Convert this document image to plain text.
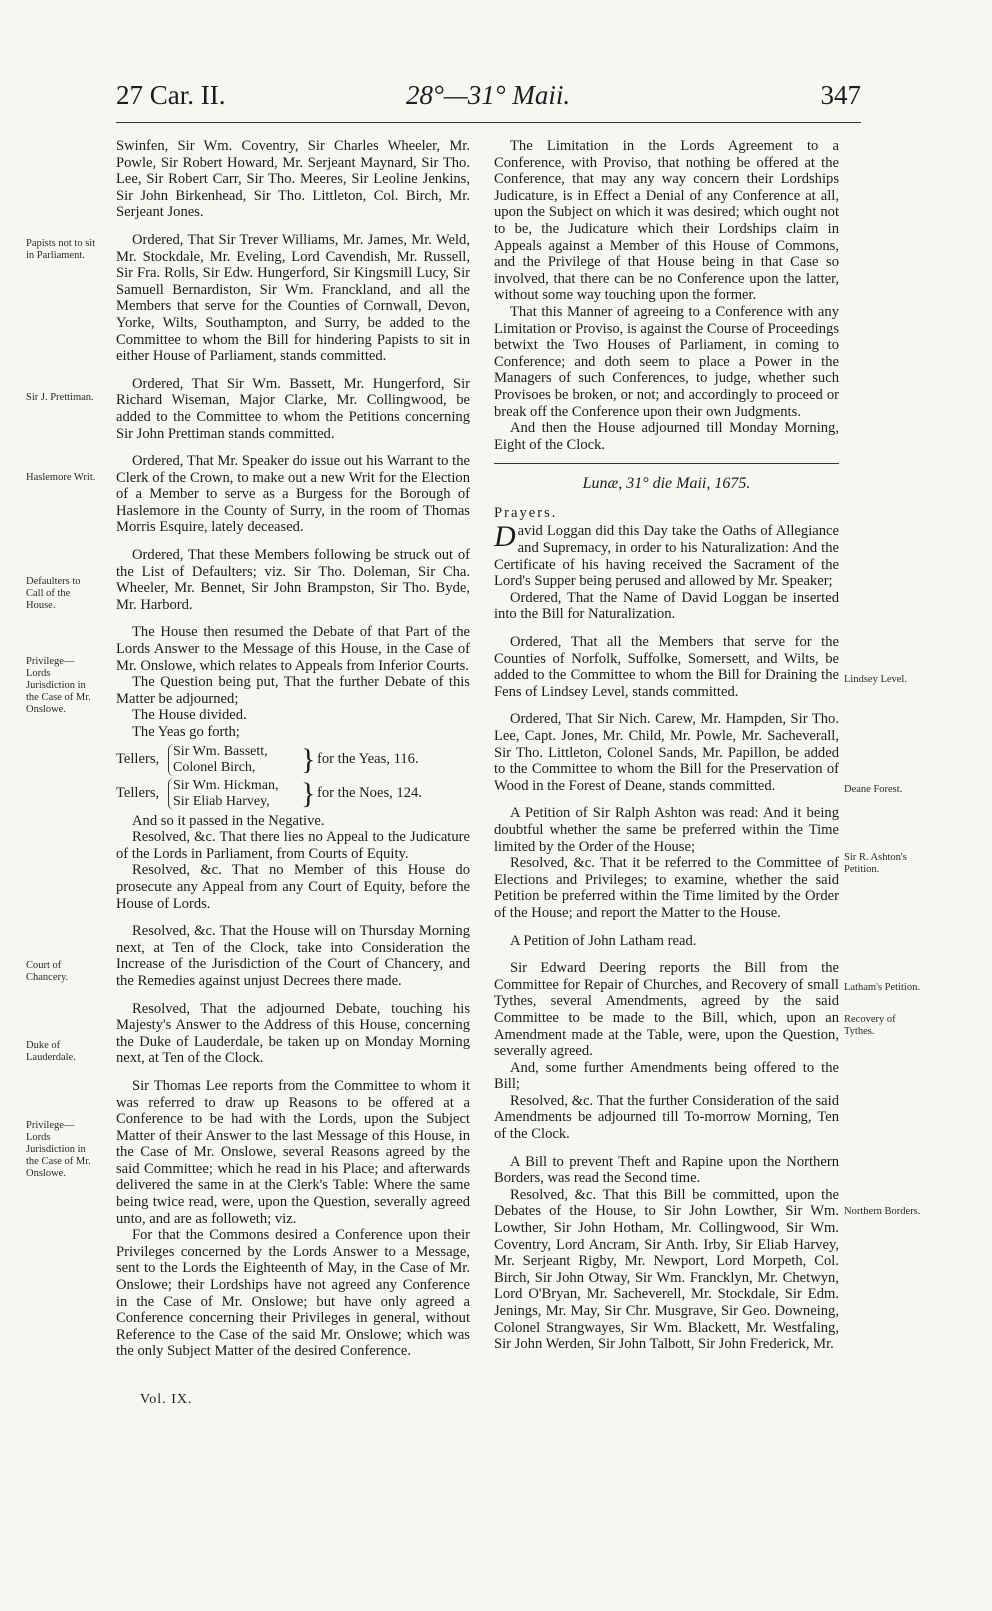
27 Car. II.	28°—31° Maii.	347
Papists not to sit in Parliament.
Sir J. Prettiman.
Haslemore Writ.
Defaulters to Call of the House.
Privilege— Lords Jurisdiction in the Case of Mr. Onslowe.
Court of Chancery.
Duke of Lauderdale.
Privilege— Lords Jurisdiction in the Case of Mr. Onslowe.
Lindsey Level.
Deane Forest.
Sir R. Ashton's Petition.
Latham's Petition.
Recovery of Tythes.
Northern Borders.

Swinfen, Sir Wm. Coventry, Sir Charles Wheeler, Mr. Powle, Sir Robert Howard, Mr. Serjeant Maynard, Sir Tho. Lee, Sir Robert Carr, Sir Tho. Meeres, Sir Leoline Jenkins, Sir John Birkenhead, Sir Tho. Littleton, Col. Birch, Mr. Serjeant Jones.

Ordered, That Sir Trever Williams, Mr. James, Mr. Weld, Mr. Stockdale, Mr. Eveling, Lord Cavendish, Mr. Russell, Sir Fra. Rolls, Sir Edw. Hungerford, Sir Kingsmill Lucy, Sir Samuell Bernardiston, Sir Wm. Franckland, and all the Members that serve for the Counties of Cornwall, Devon, Yorke, Wilts, Southampton, and Surry, be added to the Committee to whom the Bill for hindering Papists to sit in either House of Parliament, stands committed.

Ordered, That Sir Wm. Bassett, Mr. Hungerford, Sir Richard Wiseman, Major Clarke, Mr. Collingwood, be added to the Committee to whom the Petitions concerning Sir John Prettiman stands committed.

Ordered, That Mr. Speaker do issue out his Warrant to the Clerk of the Crown, to make out a new Writ for the Election of a Member to serve as a Burgess for the Borough of Haslemore in the County of Surry, in the room of Thomas Morris Esquire, lately deceased.

Ordered, That these Members following be struck out of the List of Defaulters; viz. Sir Tho. Doleman, Sir Cha. Wheeler, Mr. Bennet, Sir John Brampston, Sir Tho. Byde, Mr. Harbord.

The House then resumed the Debate of that Part of the Lords Answer to the Message of this House, in the Case of Mr. Onslowe, which relates to Appeals from Inferior Courts.

The Question being put, That the further Debate of this Matter be adjourned;

The House divided.

The Yeas go forth;

Tellers,
Sir Wm. Bassett,
Colonel Birch,	} for the Yeas, 116.
Tellers,
Sir Wm. Hickman,
Sir Eliab Harvey,	} for the Noes, 124.

And so it passed in the Negative.

Resolved, &c. That there lies no Appeal to the Judicature of the Lords in Parliament, from Courts of Equity.

Resolved, &c. That no Member of this House do prosecute any Appeal from any Court of Equity, before the House of Lords.

Resolved, &c. That the House will on Thursday Morning next, at Ten of the Clock, take into Consideration the Increase of the Jurisdiction of the Court of Chancery, and the Remedies against unjust Decrees there made.

Resolved, That the adjourned Debate, touching his Majesty's Answer to the Address of this House, concerning the Duke of Lauderdale, be taken up on Monday Morning next, at Ten of the Clock.

Sir Thomas Lee reports from the Committee to whom it was referred to draw up Reasons to be offered at a Conference to be had with the Lords, upon the Subject Matter of their Answer to the last Message of this House, in the Case of Mr. Onslowe, several Reasons agreed by the said Committee; which he read in his Place; and afterwards delivered the same in at the Clerk's Table: Where the same being twice read, were, upon the Question, severally agreed unto, and are as followeth; viz.

For that the Commons desired a Conference upon their Privileges concerned by the Lords Answer to a Message, sent to the Lords the Eighteenth of May, in the Case of Mr. Onslowe; their Lordships have not agreed any Conference in the Case of Mr. Onslowe; but have only agreed a Conference concerning their Privileges in general, without Reference to the Case of the said Mr. Onslowe; which was the only Subject Matter of the desired Conference.

Vol. IX.

The Limitation in the Lords Agreement to a Conference, with Proviso, that nothing be offered at the Conference, that may any way concern their Lordships Judicature, is in Effect a Denial of any Conference at all, upon the Subject on which it was desired; which ought not to be, the Judicature which their Lordships claim in Appeals against a Member of this House of Commons, and the Privilege of that House being in that Case so involved, that there can be no Conference upon the latter, without some way touching upon the former.

That this Manner of agreeing to a Conference with any Limitation or Proviso, is against the Course of Proceedings betwixt the Two Houses of Parliament, in coming to Conference; and doth seem to place a Power in the Managers of such Conferences, to judge, whether such Provisoes be broken, or not; and accordingly to proceed or break off the Conference upon their own Judgments.

And then the House adjourned till Monday Morning, Eight of the Clock.

Lunæ, 31° die Maii, 1675.
Prayers.

David Loggan did this Day take the Oaths of Allegiance and Supremacy, in order to his Naturalization: And the Certificate of his having received the Sacrament of the Lord's Supper being perused and allowed by Mr. Speaker;

Ordered, That the Name of David Loggan be inserted into the Bill for Naturalization.

Ordered, That all the Members that serve for the Counties of Norfolk, Suffolke, Somersett, and Wilts, be added to the Committee to whom the Bill for Draining the Fens of Lindsey Level, stands committed.

Ordered, That Sir Nich. Carew, Mr. Hampden, Sir Tho. Lee, Capt. Jones, Mr. Child, Mr. Powle, Mr. Sacheverall, Sir Tho. Littleton, Colonel Sands, Mr. Papillon, be added to the Committee to whom the Bill for the Preservation of Wood in the Forest of Deane, stands committed.

A Petition of Sir Ralph Ashton was read: And it being doubtful whether the same be preferred within the Time limited by the Order of the House;

Resolved, &c. That it be referred to the Committee of Elections and Privileges; to examine, whether the said Petition be preferred within the Time limited by the Order of the House; and report the Matter to the House.

A Petition of John Latham read.

Sir Edward Deering reports the Bill from the Committee for Repair of Churches, and Recovery of small Tythes, several Amendments, agreed by the said Committee to be made to the Bill, which, upon an Amendment made at the Table, were, upon the Question, severally agreed.

And, some further Amendments being offered to the Bill;

Resolved, &c. That the further Consideration of the said Amendments be adjourned till To-morrow Morning, Ten of the Clock.

A Bill to prevent Theft and Rapine upon the Northern Borders, was read the Second time.

Resolved, &c. That this Bill be committed, upon the Debates of the House, to Sir John Lowther, Sir Wm. Lowther, Sir John Hotham, Mr. Collingwood, Sir Wm. Coventry, Lord Ancram, Sir Anth. Irby, Sir Eliab Harvey, Mr. Serjeant Rigby, Mr. Newport, Lord Morpeth, Col. Birch, Sir John Otway, Sir Wm. Francklyn, Mr. Chetwyn, Lord O'Bryan, Mr. Sacheverell, Mr. Stockdale, Sir Edm. Jenings, Mr. May, Sir Chr. Musgrave, Sir Geo. Downeing, Colonel Strangwayes, Sir Wm. Blackett, Mr. Westfaling, Sir John Werden, Sir John Talbott, Sir John Frederick, Mr.
